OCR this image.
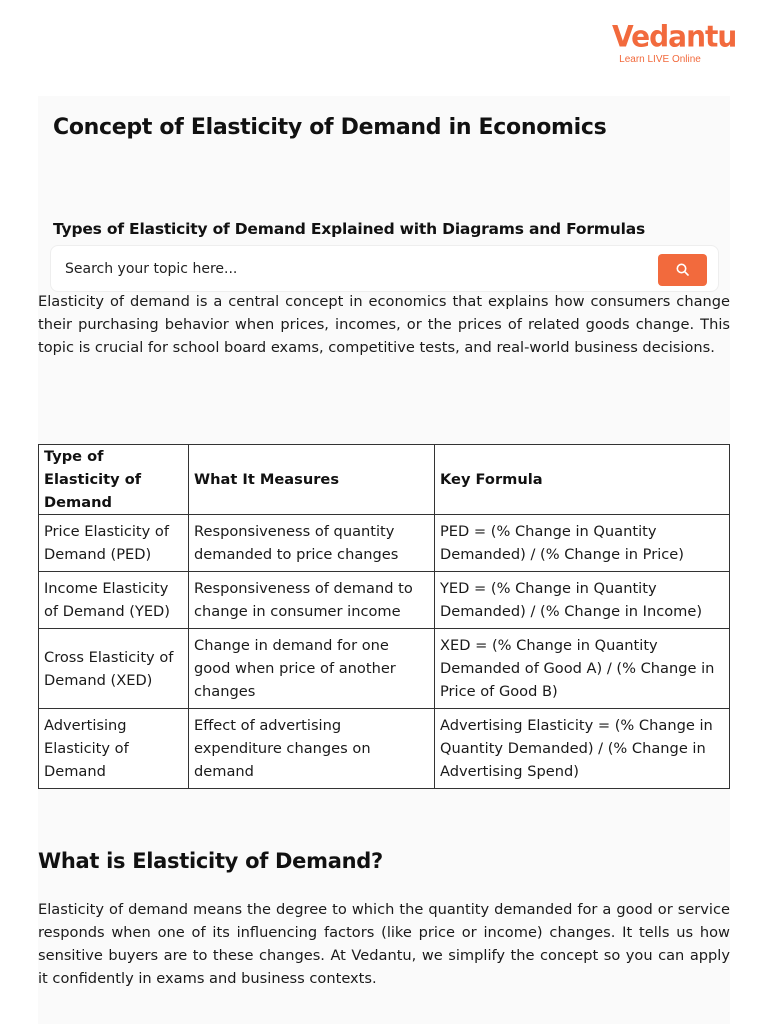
Vedantu
Learn LIVE Online
Concept of Elasticity of Demand in Economics
Types of Elasticity of Demand Explained with Diagrams and Formulas
Search your topic here...

Elasticity of demand is a central concept in economics that explains how consumers change their purchasing behavior when prices, incomes, or the prices of related goods change. This topic is crucial for school board exams, competitive tests, and real-world business decisions.

Type of Elasticity of Demand	What It Measures	Key Formula
Price Elasticity of Demand (PED)	Responsiveness of quantity demanded to price changes	PED = (% Change in Quantity Demanded) / (% Change in Price)
Income Elasticity of Demand (YED)	Responsiveness of demand to change in consumer income	YED = (% Change in Quantity Demanded) / (% Change in Income)
Cross Elasticity of Demand (XED)	Change in demand for one good when price of another changes	XED = (% Change in Quantity Demanded of Good A) / (% Change in Price of Good B)
Advertising Elasticity of Demand	Effect of advertising expenditure changes on demand	Advertising Elasticity = (% Change in Quantity Demanded) / (% Change in Advertising Spend)
What is Elasticity of Demand?

Elasticity of demand means the degree to which the quantity demanded for a good or service responds when one of its influencing factors (like price or income) changes. It tells us how sensitive buyers are to these changes. At Vedantu, we simplify the concept so you can apply it confidently in exams and business contexts.
